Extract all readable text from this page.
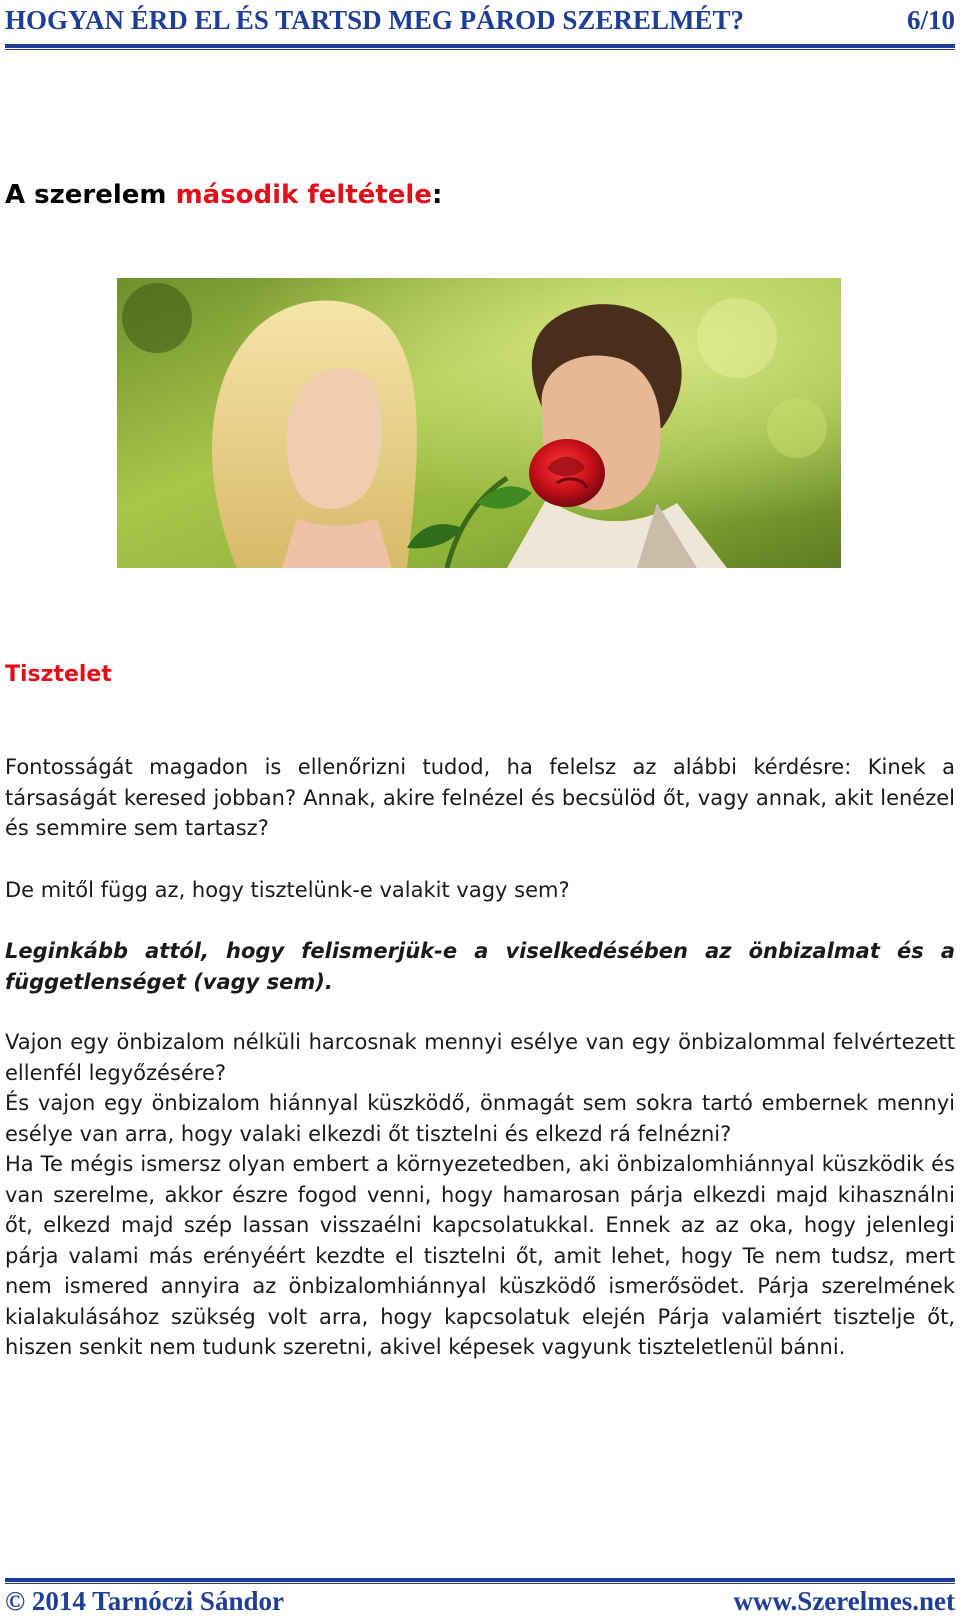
HOGYAN ÉRD EL ÉS TARTSD MEG PÁROD SZERELMÉT?	6/10
A szerelem második feltétele:
Tisztelet

Fontosságát magadon is ellenőrizni tudod, ha felelsz az alábbi kérdésre: Kinek a társaságát keresed jobban? Annak, akire felnézel és becsülöd őt, vagy annak, akit lenézel és semmire sem tartasz?

De mitől függ az, hogy tisztelünk-e valakit vagy sem?

Leginkább attól, hogy felismerjük-e a viselkedésében az önbizalmat és a függetlenséget (vagy sem).

Vajon egy önbizalom nélküli harcosnak mennyi esélye van egy önbizalommal felvértezett ellenfél legyőzésére?
És vajon egy önbizalom hiánnyal küszködő, önmagát sem sokra tartó embernek mennyi esélye van arra, hogy valaki elkezdi őt tisztelni és elkezd rá felnézni?
Ha Te mégis ismersz olyan embert a környezetedben, aki önbizalomhiánnyal küszködik és van szerelme, akkor észre fogod venni, hogy hamarosan párja elkezdi majd kihasználni őt, elkezd majd szép lassan visszaélni kapcsolatukkal. Ennek az az oka, hogy jelenlegi párja valami más erényéért kezdte el tisztelni őt, amit lehet, hogy Te nem tudsz, mert nem ismered annyira az önbizalomhiánnyal küszködő ismerősödet. Párja szerelmének kialakulásához szükség volt arra, hogy kapcsolatuk elején Párja valamiért tisztelje őt, hiszen senkit nem tudunk szeretni, akivel képesek vagyunk tiszteletlenül bánni.
© 2014 Tarnóczi Sándor	www.Szerelmes.net
